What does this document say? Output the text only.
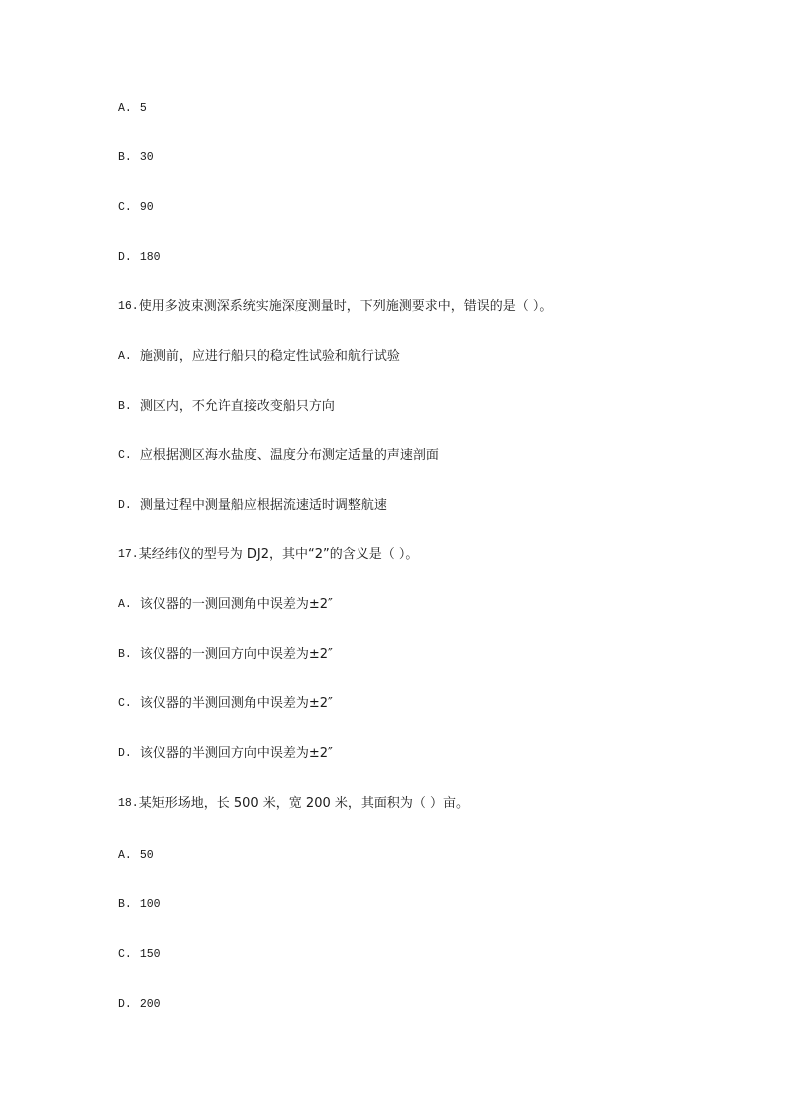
A. 5
B. 30
C. 90
D. 180
16. 使用多波束测深系统实施深度测量时，下列施测要求中，错误的是（ ）。
A. 施测前，应进行船只的稳定性试验和航行试验
B. 测区内，不允许直接改变船只方向
C. 应根据测区海水盐度、温度分布测定适量的声速剖面
D. 测量过程中测量船应根据流速适时调整航速
17. 某经纬仪的型号为 DJ2，其中“2”的含义是（ ）。
A. 该仪器的一测回测角中误差为±2″
B. 该仪器的一测回方向中误差为±2″
C. 该仪器的半测回测角中误差为±2″
D. 该仪器的半测回方向中误差为±2″
18. 某矩形场地，长 500 米，宽 200 米，其面积为（ ）亩。
A. 50
B. 100
C. 150
D. 200
